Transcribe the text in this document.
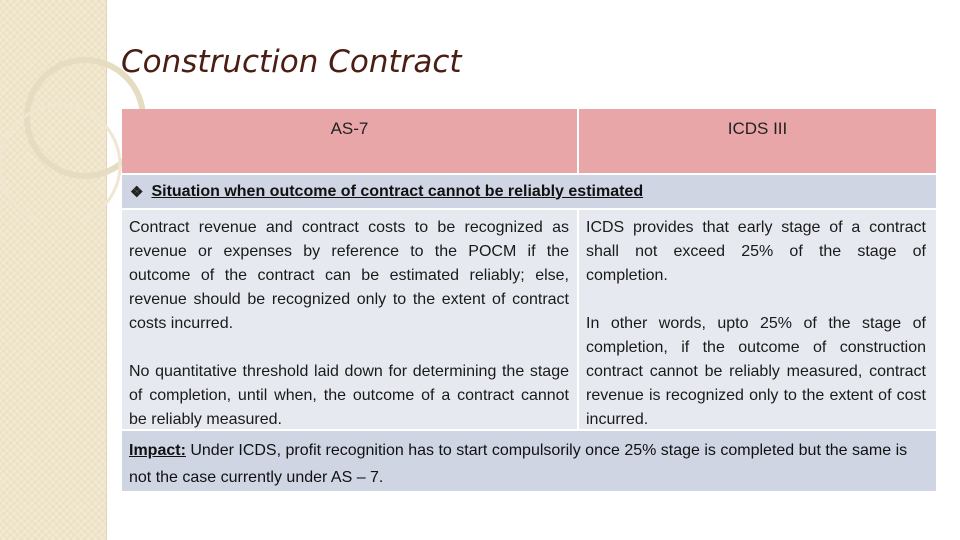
Construction Contract
AS-7	ICDS III
❖ Situation when outcome of contract cannot be reliably estimated

Contract revenue and contract costs to be recognized as revenue or expenses by reference to the POCM if the outcome of the contract can be estimated reliably; else, revenue should be recognized only to the extent of contract costs incurred.

No quantitative threshold laid down for determining the stage of completion, until when, the outcome of a contract cannot be reliably measured.

ICDS provides that early stage of a contract shall not exceed 25% of the stage of completion.

In other words, upto 25% of the stage of completion, if the outcome of construction contract cannot be reliably measured, contract revenue is recognized only to the extent of cost incurred.

Impact: Under ICDS, profit recognition has to start compulsorily once 25% stage is completed but the same is not the case currently under AS – 7.
